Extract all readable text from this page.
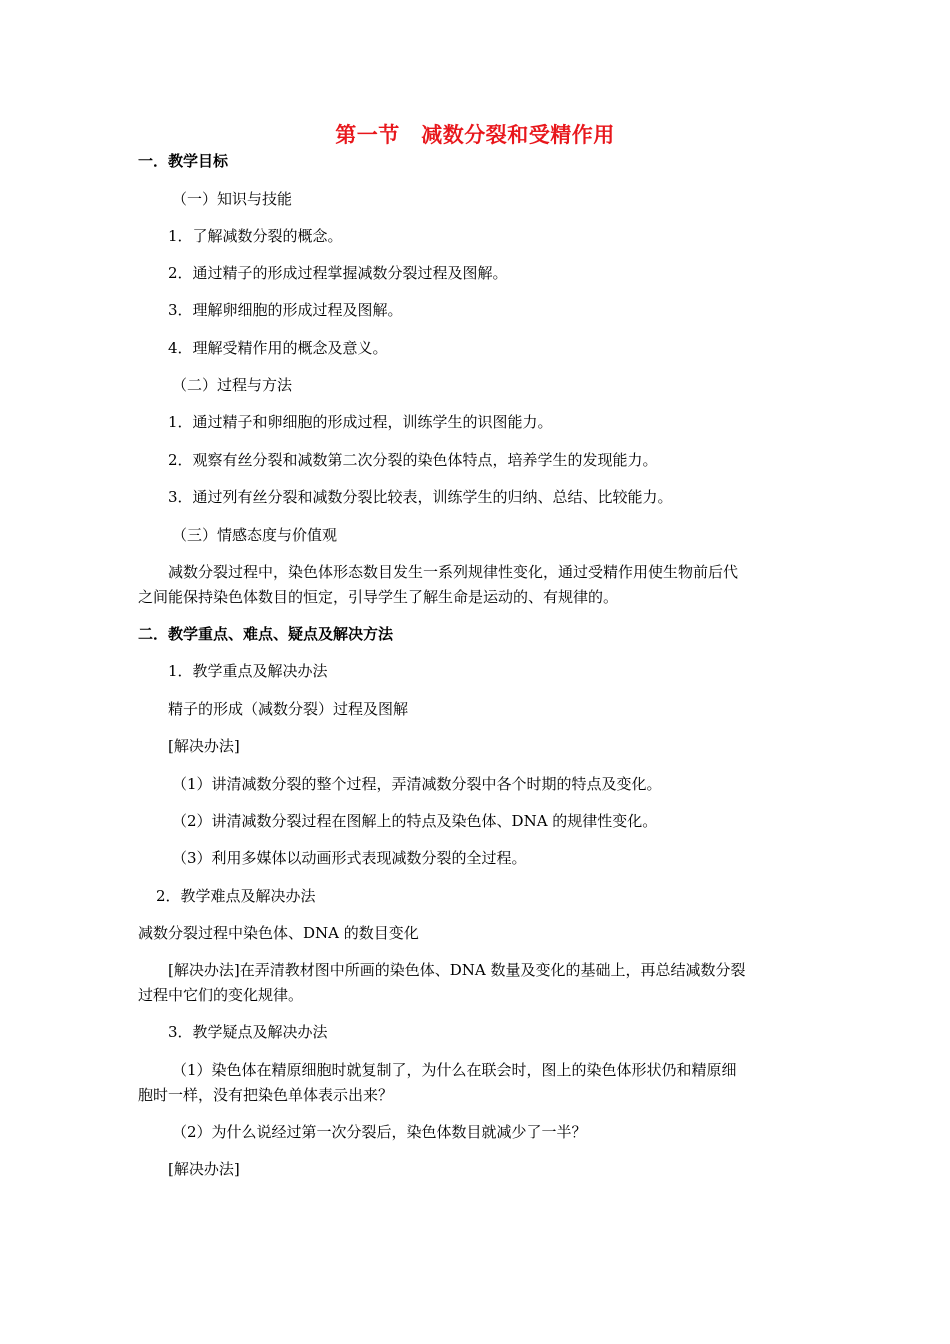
第一节　减数分裂和受精作用
一．教学目标
（一）知识与技能
1．了解减数分裂的概念。
2．通过精子的形成过程掌握减数分裂过程及图解。
3．理解卵细胞的形成过程及图解。
4．理解受精作用的概念及意义。
（二）过程与方法
1．通过精子和卵细胞的形成过程，训练学生的识图能力。
2．观察有丝分裂和减数第二次分裂的染色体特点，培养学生的发现能力。
3．通过列有丝分裂和减数分裂比较表，训练学生的归纳、总结、比较能力。
（三）情感态度与价值观
减数分裂过程中，染色体形态数目发生一系列规律性变化，通过受精作用使生物前后代
之间能保持染色体数目的恒定，引导学生了解生命是运动的、有规律的。
二．教学重点、难点、疑点及解决方法
1．教学重点及解决办法
精子的形成（减数分裂）过程及图解
[解决办法]
（1）讲清减数分裂的整个过程，弄清减数分裂中各个时期的特点及变化。
（2）讲清减数分裂过程在图解上的特点及染色体、DNA 的规律性变化。
（3）利用多媒体以动画形式表现减数分裂的全过程。
2．教学难点及解决办法
减数分裂过程中染色体、DNA 的数目变化
[解决办法]在弄清教材图中所画的染色体、DNA 数量及变化的基础上，再总结减数分裂
过程中它们的变化规律。
3．教学疑点及解决办法
（1）染色体在精原细胞时就复制了，为什么在联会时，图上的染色体形状仍和精原细
胞时一样，没有把染色单体表示出来？
（2）为什么说经过第一次分裂后，染色体数目就减少了一半？
[解决办法]
